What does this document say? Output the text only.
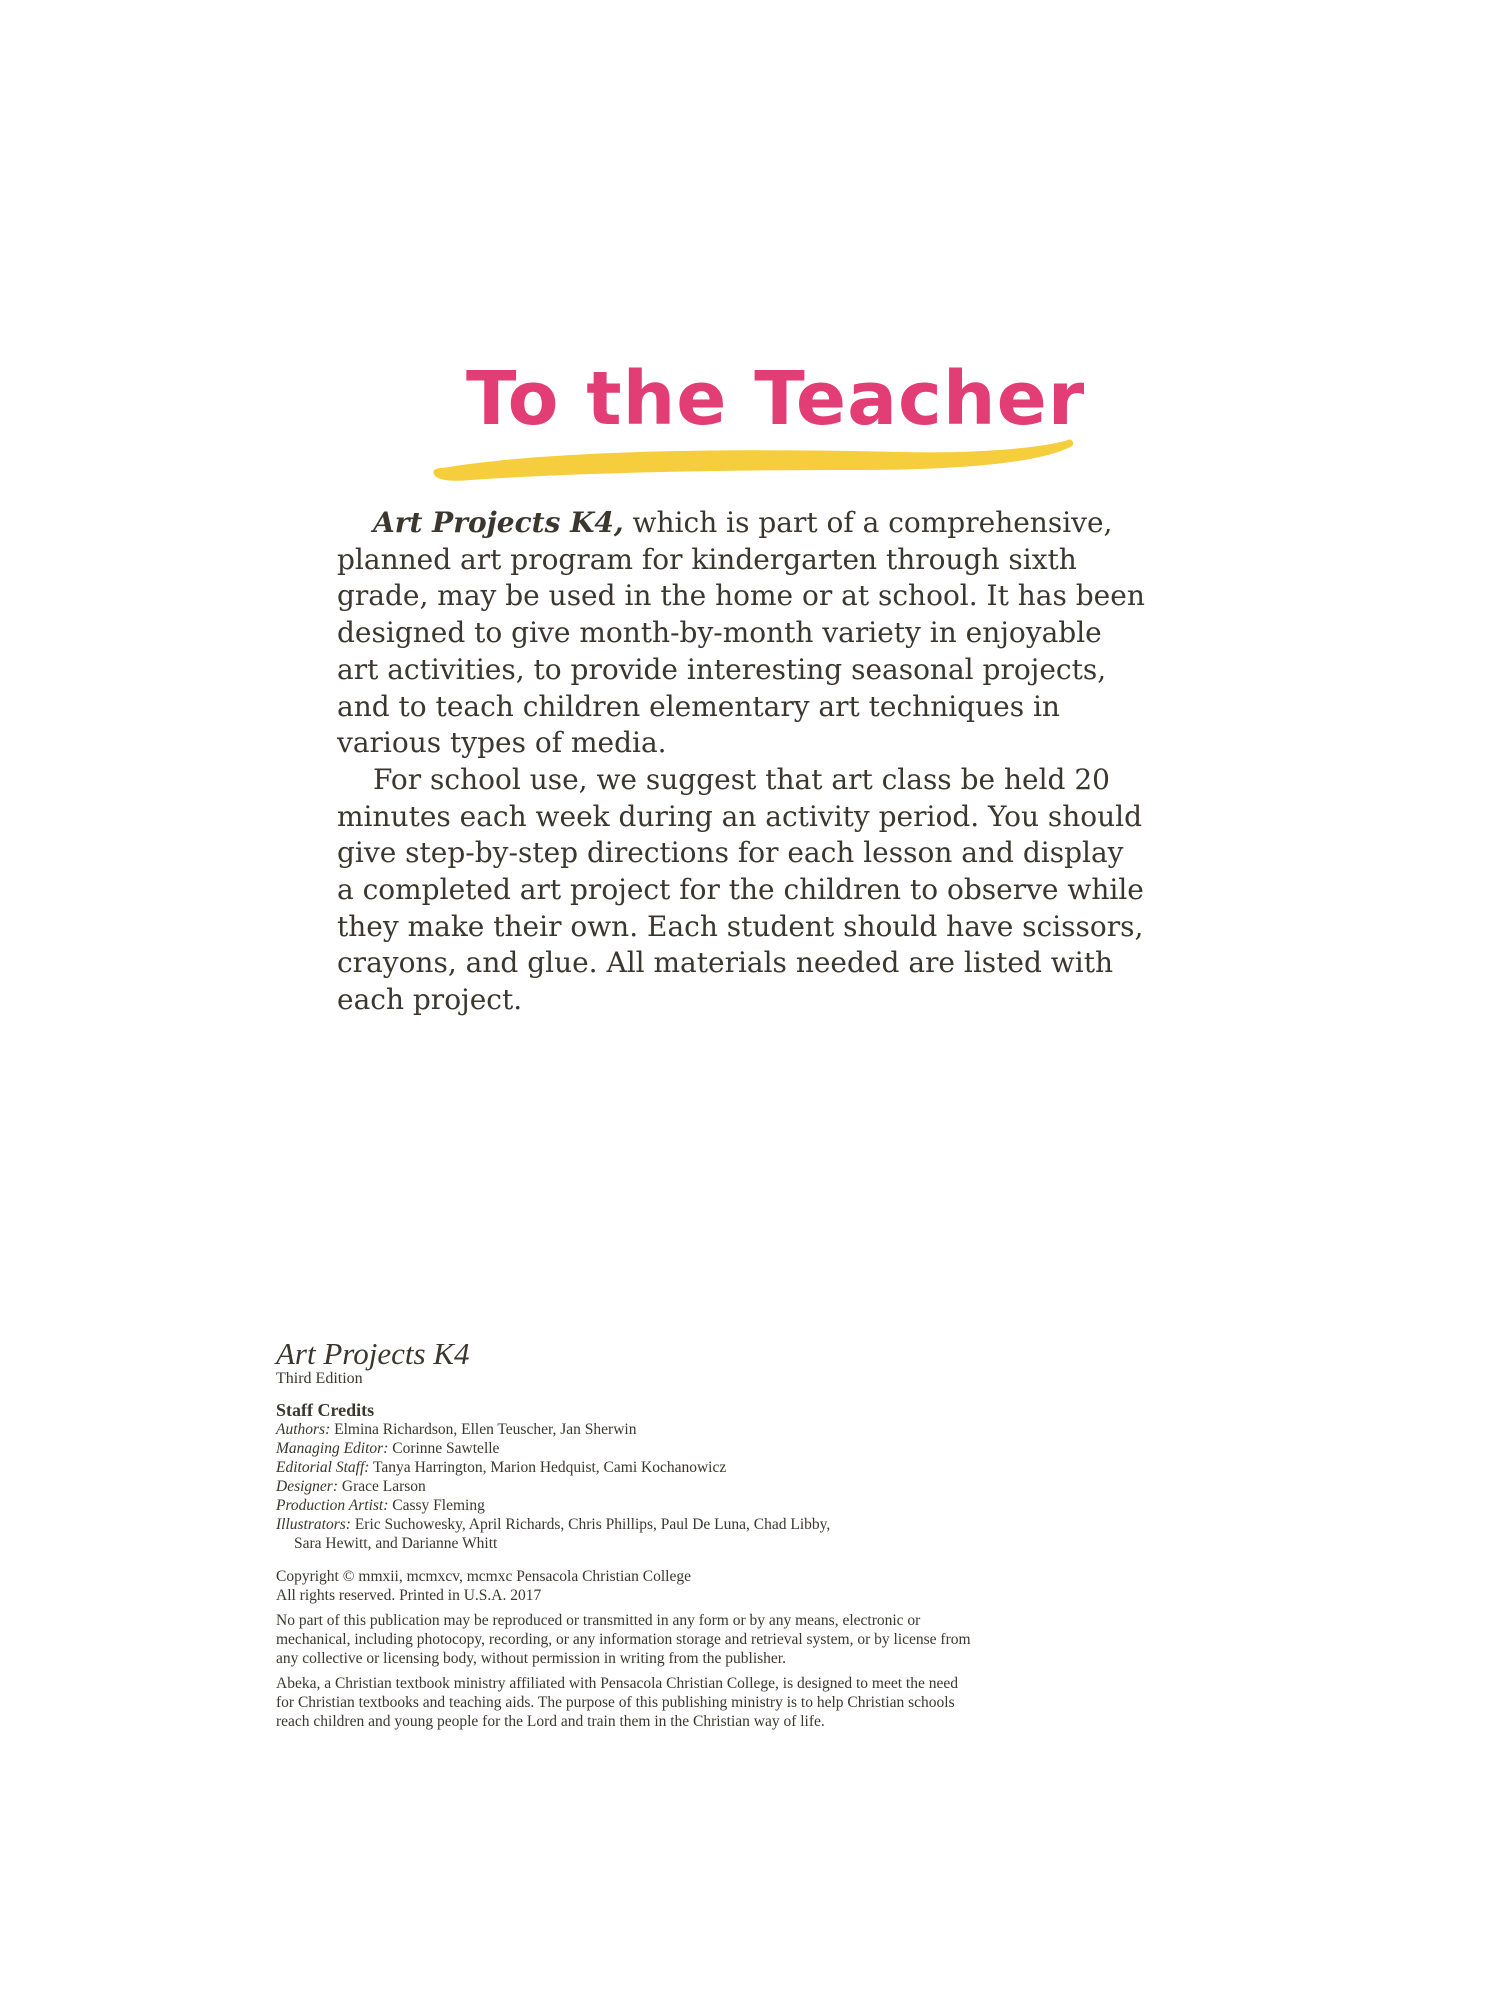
To the Teacher

Art Projects K4, which is part of a comprehensive, planned art program for kindergarten through sixth grade, may be used in the home or at school. It has been designed to give month-by-month variety in enjoyable art activities, to provide interesting seasonal projects, and to teach children elementary art techniques in various types of media.

For school use, we suggest that art class be held 20 minutes each week during an activity period. You should give step-by-step directions for each lesson and display a completed art project for the children to observe while they make their own. Each student should have scissors, crayons, and glue. All materials needed are listed with each project.

Art Projects K4
Third Edition
Staff Credits
Authors: Elmina Richardson, Ellen Teuscher, Jan Sherwin
Managing Editor: Corinne Sawtelle
Editorial Staff: Tanya Harrington, Marion Hedquist, Cami Kochanowicz
Designer: Grace Larson
Production Artist: Cassy Fleming
Illustrators: Eric Suchowesky, April Richards, Chris Phillips, Paul De Luna, Chad Libby,
Sara Hewitt, and Darianne Whitt
Copyright © mmxii, mcmxcv, mcmxc Pensacola Christian College
All rights reserved. Printed in U.S.A. 2017
No part of this publication may be reproduced or transmitted in any form or by any means, electronic or mechanical, including photocopy, recording, or any information storage and retrieval system, or by license from any collective or licensing body, without permission in writing from the publisher.
Abeka, a Christian textbook ministry affiliated with Pensacola Christian College, is designed to meet the need for Christian textbooks and teaching aids. The purpose of this publishing ministry is to help Christian schools reach children and young people for the Lord and train them in the Christian way of life.
